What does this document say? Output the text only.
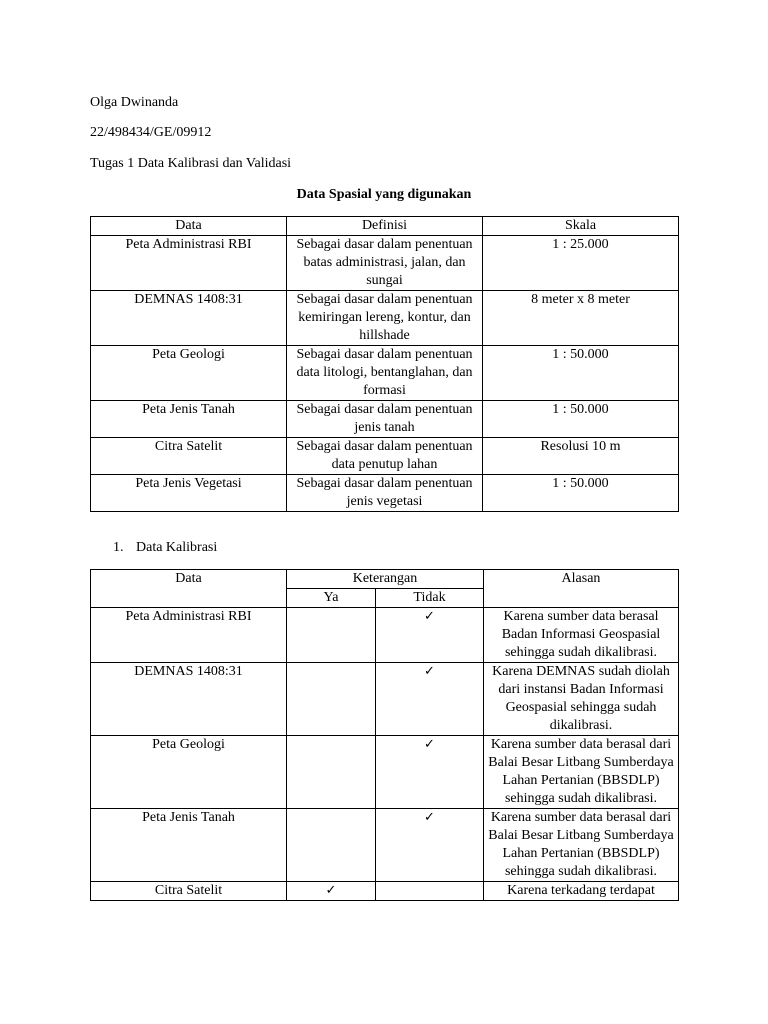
Olga Dwinanda
22/498434/GE/09912
Tugas 1 Data Kalibrasi dan Validasi
Data Spasial yang digunakan
Data	Definisi	Skala
Peta Administrasi RBI	Sebagai dasar dalam penentuan batas administrasi, jalan, dan sungai	1 : 25.000
DEMNAS 1408:31	Sebagai dasar dalam penentuan kemiringan lereng, kontur, dan hillshade	8 meter x 8 meter
Peta Geologi	Sebagai dasar dalam penentuan data litologi, bentanglahan, dan formasi	1 : 50.000
Peta Jenis Tanah	Sebagai dasar dalam penentuan jenis tanah	1 : 50.000
Citra Satelit	Sebagai dasar dalam penentuan data penutup lahan	Resolusi 10 m
Peta Jenis Vegetasi	Sebagai dasar dalam penentuan jenis vegetasi	1 : 50.000
1. Data Kalibrasi
Data	Keterangan		Alasan
	Ya	Tidak	
Peta Administrasi RBI		✓	Karena sumber data berasal Badan Informasi Geospasial sehingga sudah dikalibrasi.
DEMNAS 1408:31		✓	Karena DEMNAS sudah diolah dari instansi Badan Informasi Geospasial sehingga sudah dikalibrasi.
Peta Geologi		✓	Karena sumber data berasal dari Balai Besar Litbang Sumberdaya Lahan Pertanian (BBSDLP) sehingga sudah dikalibrasi.
Peta Jenis Tanah		✓	Karena sumber data berasal dari Balai Besar Litbang Sumberdaya Lahan Pertanian (BBSDLP) sehingga sudah dikalibrasi.
Citra Satelit	✓		Karena terkadang terdapat
